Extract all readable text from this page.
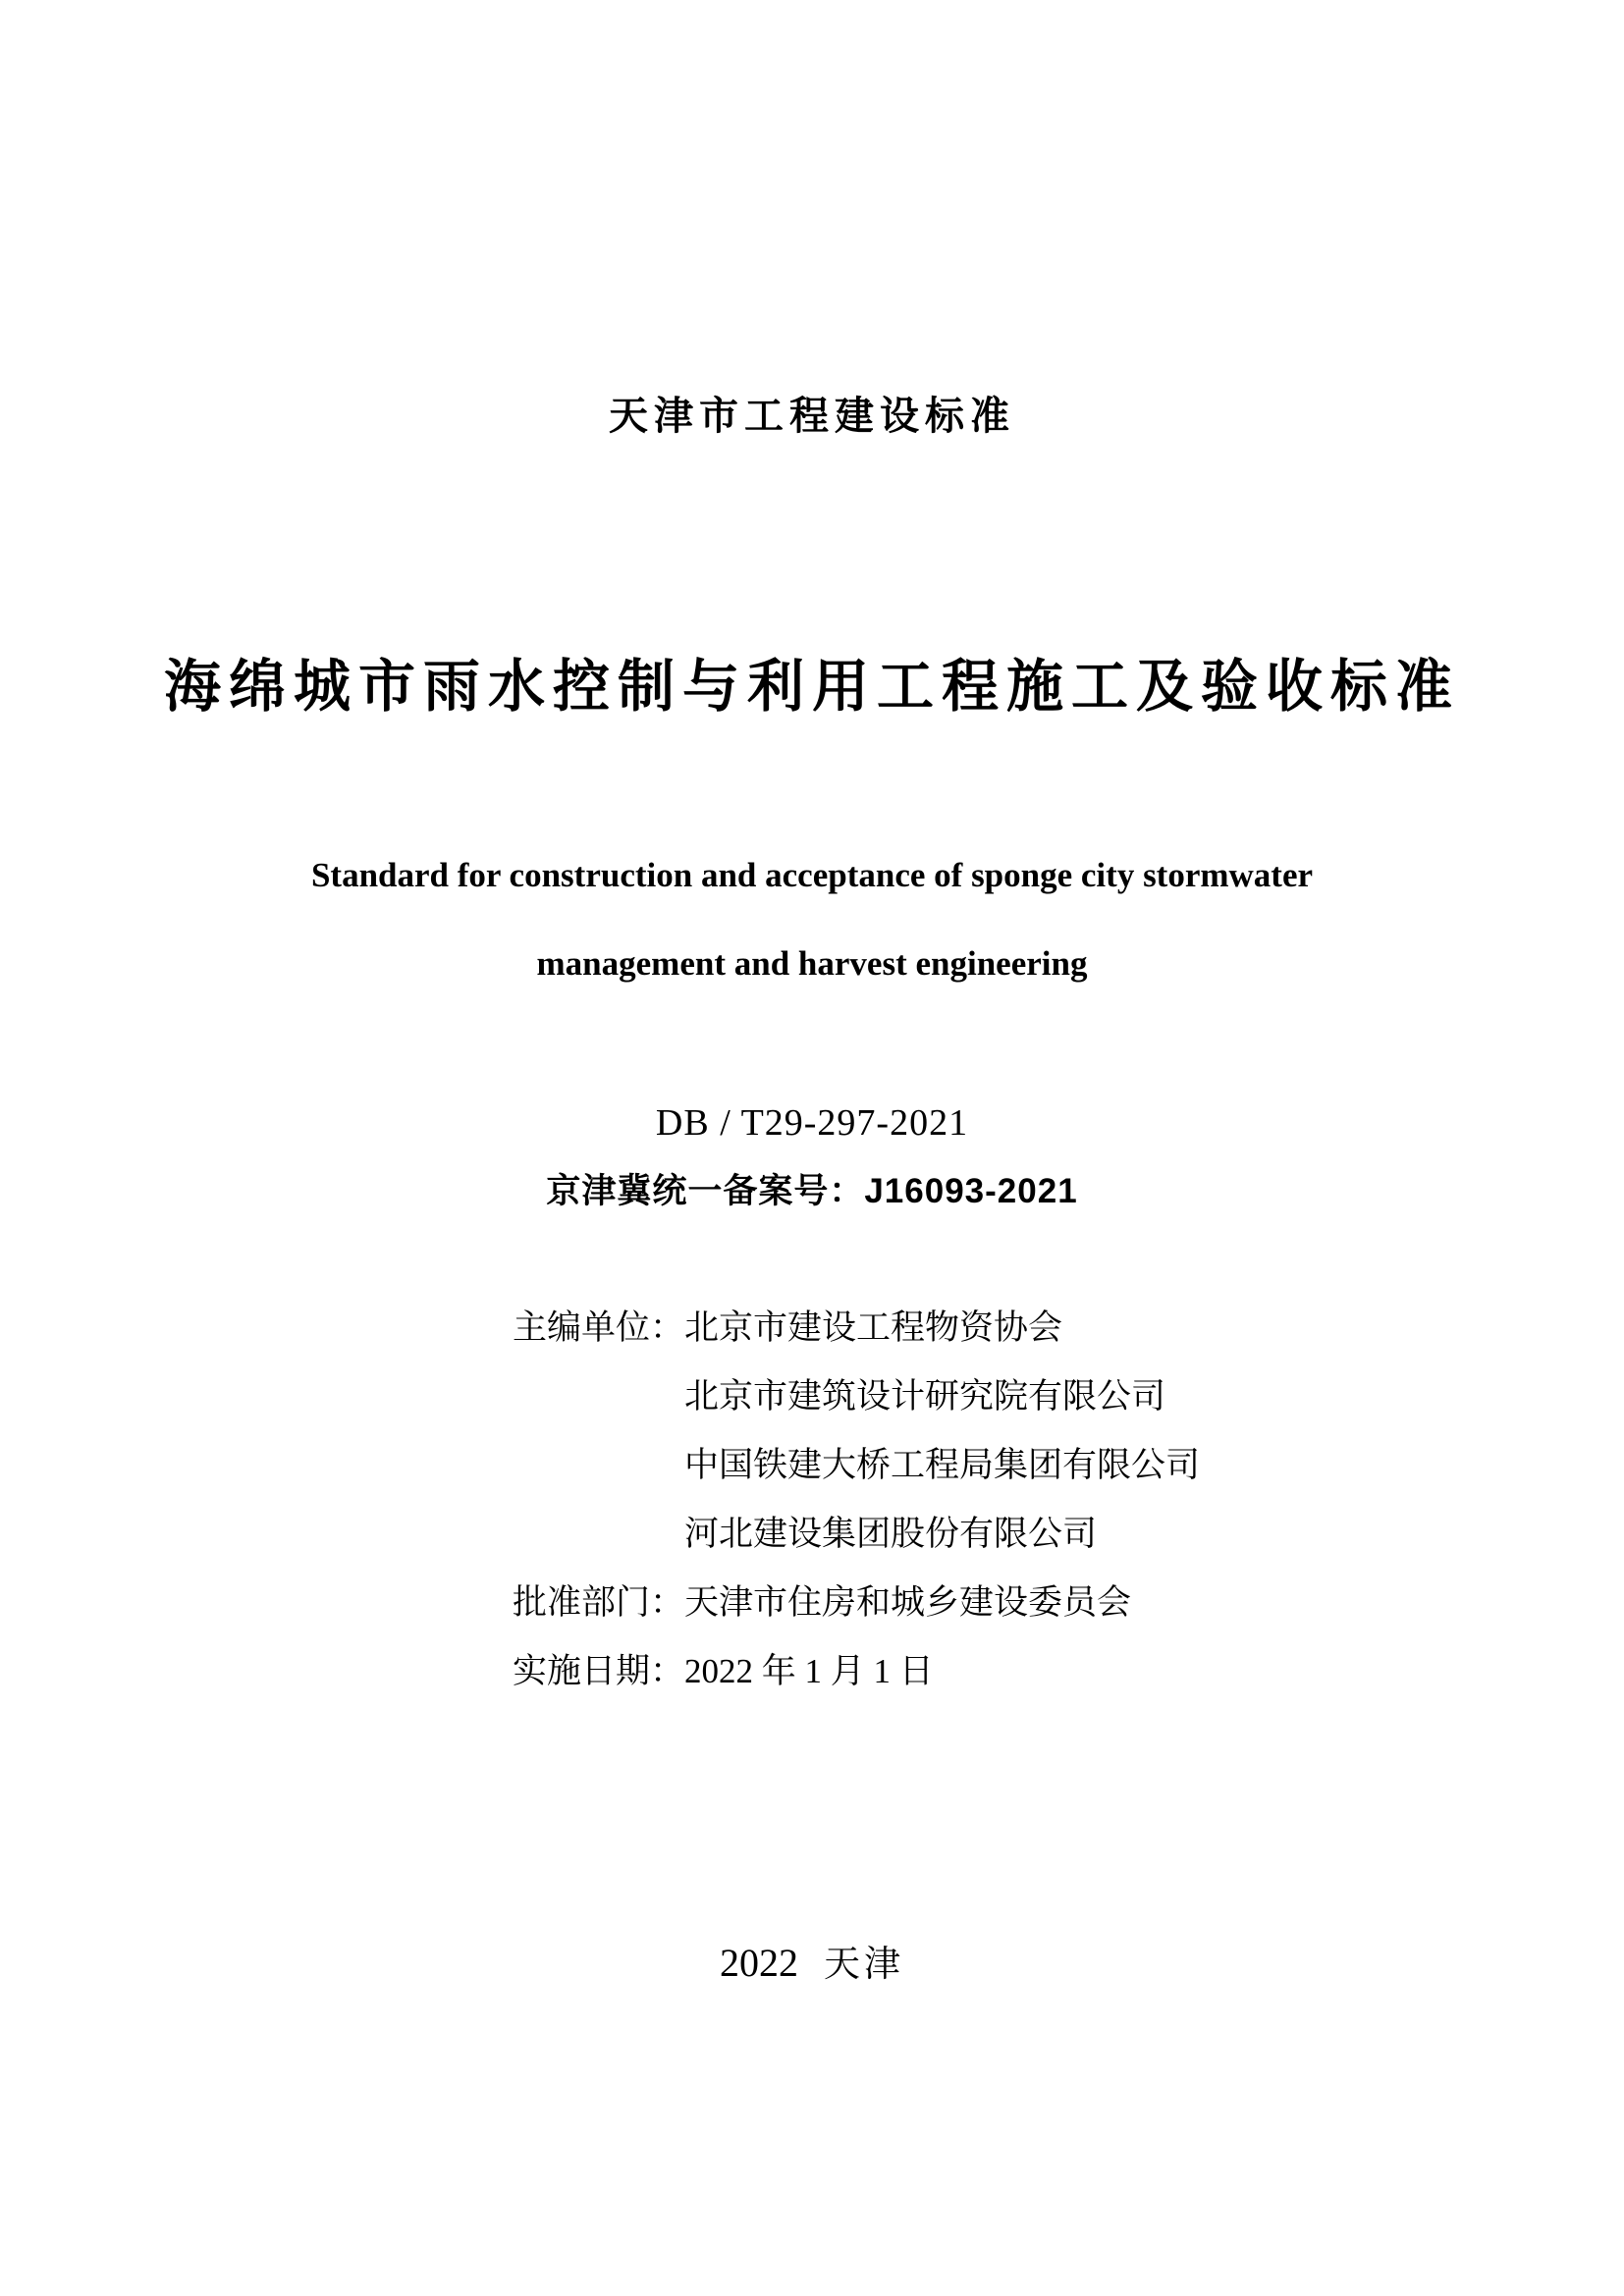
天津市工程建设标准
海绵城市雨水控制与利用工程施工及验收标准
Standard for construction and acceptance of sponge city stormwater
management and harvest engineering
DB / T29-297-2021
京津冀统一备案号：J16093-2021
主编单位：北京市建设工程物资协会
北京市建筑设计研究院有限公司
中国铁建大桥工程局集团有限公司
河北建设集团股份有限公司
批准部门：天津市住房和城乡建设委员会
实施日期：2022 年 1 月 1 日
2022 天津
